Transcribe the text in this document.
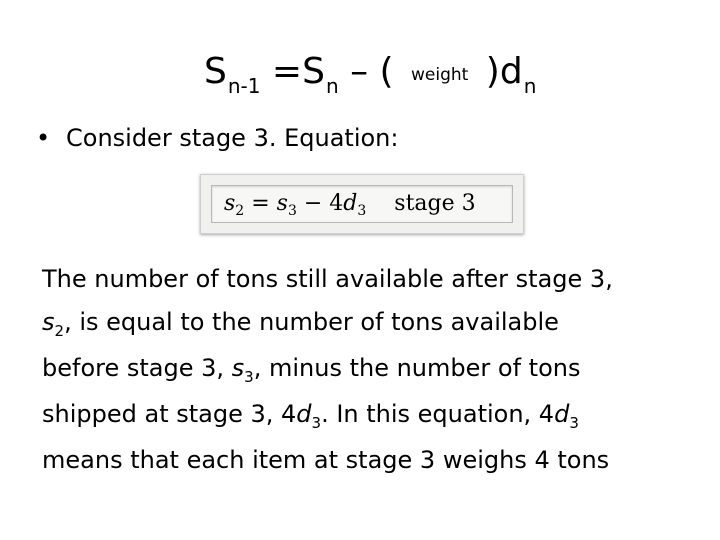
$S_{n-1} =S_n$ – ( weight )$d_n$
• Consider stage 3. Equation:
$s_2 = s_3 - 4d_3$ stage 3
The number of tons still available after stage 3,
$s_2$, is equal to the number of tons available
before stage 3, $s_3$, minus the number of tons
shipped at stage 3, $4d_3$. In this equation, $4d_3$
means that each item at stage 3 weighs 4 tons
